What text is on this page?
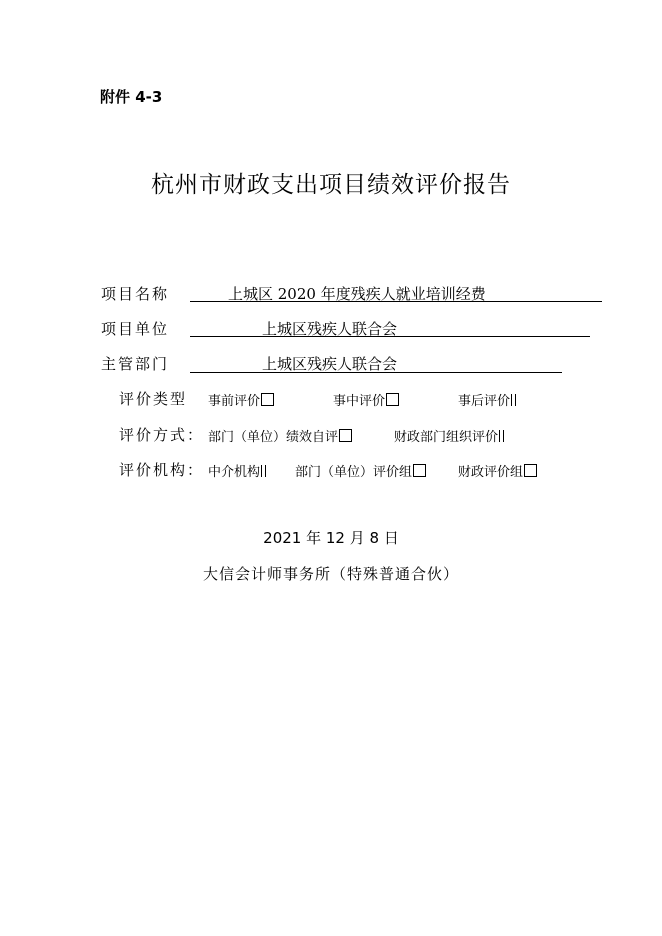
附件 4-3
杭州市财政支出项目绩效评价报告
项目名称	上城区 2020 年度残疾人就业培训经费
项目单位	上城区残疾人联合会
主管部门	上城区残疾人联合会
评价类型 事前评价	事中评价	事后评价
评价方式： 部门（单位）绩效自评	财政部门组织评价
评价机构： 中介机构	部门（单位）评价组	财政评价组
2021 年 12 月 8 日
大信会计师事务所（特殊普通合伙）
